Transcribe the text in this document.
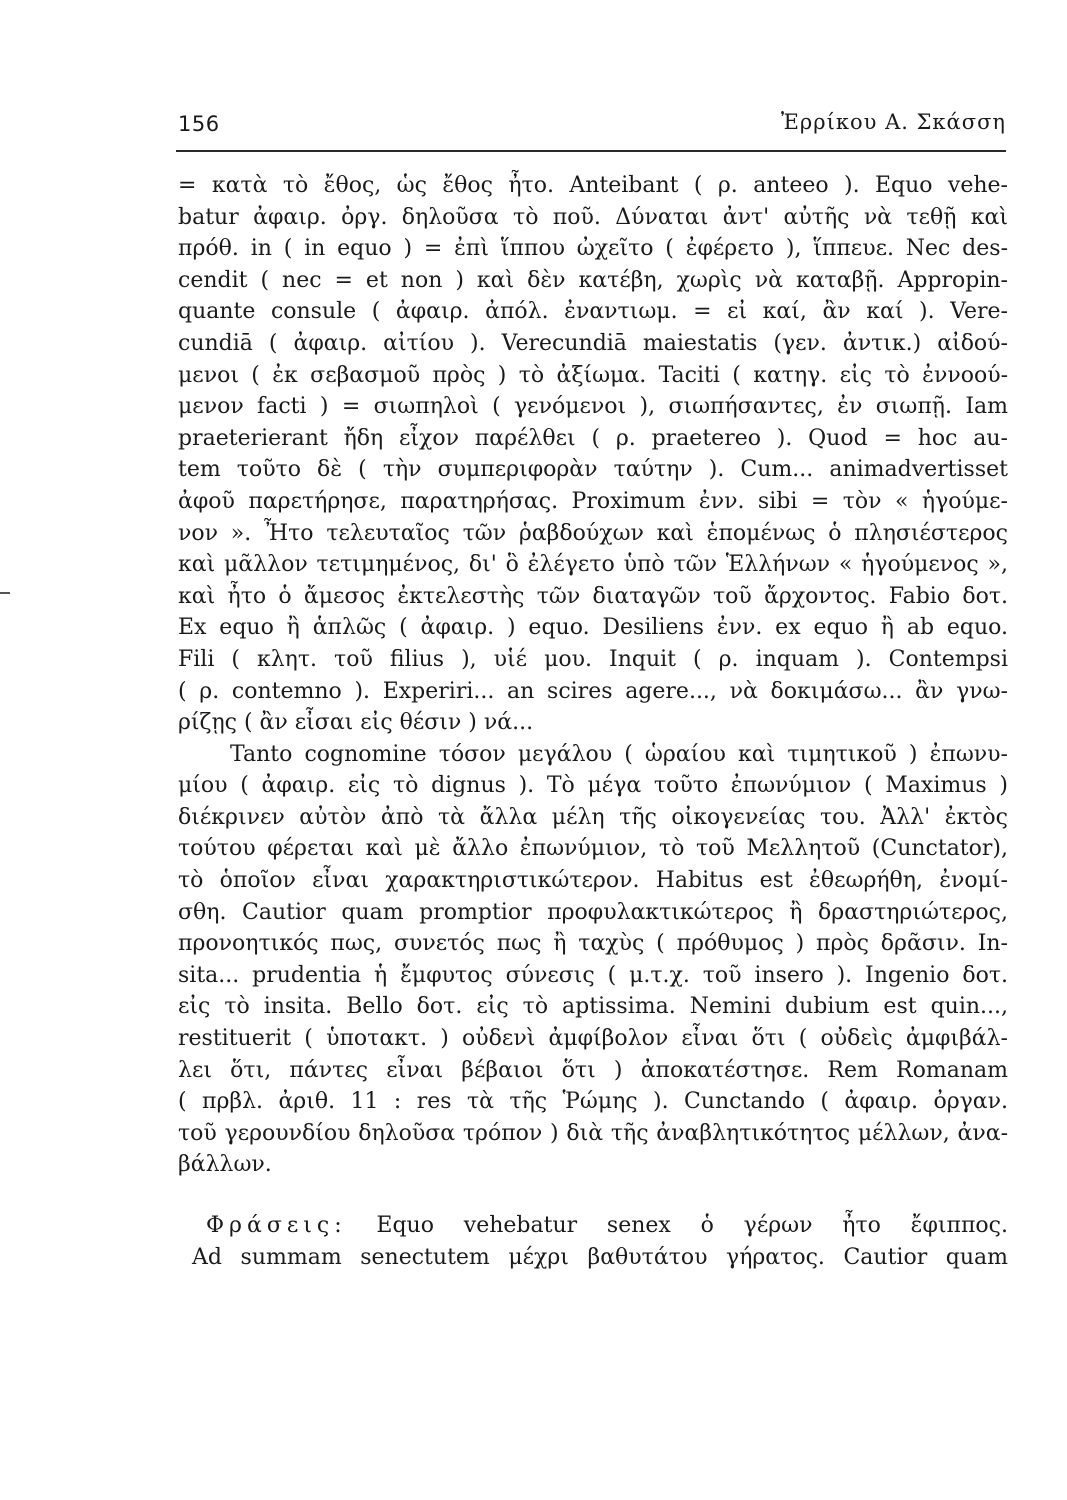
156	Ἐρρίκου Α. Σκάσση

= κατὰ τὸ ἔθος, ὡς ἔθος ἦτο. Anteibant ( ρ. anteeo ). Equo vehe-
batur ἀφαιρ. ὀργ. δηλοῦσα τὸ ποῦ. Δύναται ἀντ' αὐτῆς νὰ τεθῇ καὶ
πρόθ. in ( in equo ) = ἐπὶ ἵππου ὠχεῖτο ( ἐφέρετο ), ἵππευε. Nec des-
cendit ( nec = et non ) καὶ δὲν κατέβη, χωρὶς νὰ καταβῇ. Appropin-
quante consule ( ἀφαιρ. ἀπόλ. ἐναντιωμ. = εἰ καί, ἂν καί ). Vere-
cundiā ( ἀφαιρ. αἰτίου ). Verecundiā maiestatis (γεν. ἀντικ.) αἰδού-
μενοι ( ἐκ σεβασμοῦ πρὸς ) τὸ ἀξίωμα. Taciti ( κατηγ. εἰς τὸ ἐννοού-
μενον facti ) = σιωπηλοὶ ( γενόμενοι ), σιωπήσαντες, ἐν σιωπῇ. Iam
praeterierant ἤδη εἶχον παρέλθει ( ρ. praetereo ). Quod = hoc au-
tem τοῦτο δὲ ( τὴν συμπεριφορὰν ταύτην ). Cum... animadvertisset
ἀφοῦ παρετήρησε, παρατηρήσας. Proximum ἐνν. sibi = τὸν « ἡγούμε-
νον ». Ἦτο τελευταῖος τῶν ῥαβδούχων καὶ ἑπομένως ὁ πλησιέστερος
καὶ μᾶλλον τετιμημένος, δι' ὃ ἐλέγετο ὑπὸ τῶν Ἑλλήνων « ἡγούμενος »,
καὶ ἦτο ὁ ἄμεσος ἐκτελεστὴς τῶν διαταγῶν τοῦ ἄρχοντος. Fabio δοτ.
Ex equo ἢ ἁπλῶς ( ἀφαιρ. ) equo. Desiliens ἐνν. ex equo ἢ ab equo.
Fili ( κλητ. τοῦ filius ), υἱέ μου. Inquit ( ρ. inquam ). Contempsi
( ρ. contemno ). Experiri... an scires agere..., νὰ δοκιμάσω... ἂν γνω-
ρίζῃς ( ἂν εἶσαι εἰς θέσιν ) νά...

Tanto cognomine τόσον μεγάλου ( ὡραίου καὶ τιμητικοῦ ) ἐπωνυ-
μίου ( ἀφαιρ. εἰς τὸ dignus ). Τὸ μέγα τοῦτο ἐπωνύμιον ( Maximus )
διέκρινεν αὐτὸν ἀπὸ τὰ ἄλλα μέλη τῆς οἰκογενείας του. Ἀλλ' ἐκτὸς
τούτου φέρεται καὶ μὲ ἄλλο ἐπωνύμιον, τὸ τοῦ Μελλητοῦ (Cunctator),
τὸ ὁποῖον εἶναι χαρακτηριστικώτερον. Habitus est ἐθεωρήθη, ἐνομί-
σθη. Cautior quam promptior προφυλακτικώτερος ἢ δραστηριώτερος,
προνοητικός πως, συνετός πως ἢ ταχὺς ( πρόθυμος ) πρὸς δρᾶσιν. In-
sita... prudentia ἡ ἔμφυτος σύνεσις ( μ.τ.χ. τοῦ insero ). Ingenio δοτ.
εἰς τὸ insita. Bello δοτ. εἰς τὸ aptissima. Nemini dubium est quin...,
restituerit ( ὑποτακτ. ) οὐδενὶ ἀμφίβολον εἶναι ὅτι ( οὐδεὶς ἀμφιβάλ-
λει ὅτι, πάντες εἶναι βέβαιοι ὅτι ) ἀποκατέστησε. Rem Romanam
( πρβλ. ἀριθ. 11 : res τὰ τῆς Ῥώμης ). Cunctando ( ἀφαιρ. ὀργαν.
τοῦ γερουνδίου δηλοῦσα τρόπον ) διὰ τῆς ἀναβλητικότητος μέλλων, ἀνα-
βάλλων.

Φράσεις: Equo vehebatur senex ὁ γέρων ἦτο ἔφιππος.
Ad summam senectutem μέχρι βαθυτάτου γήρατος. Cautior quam
